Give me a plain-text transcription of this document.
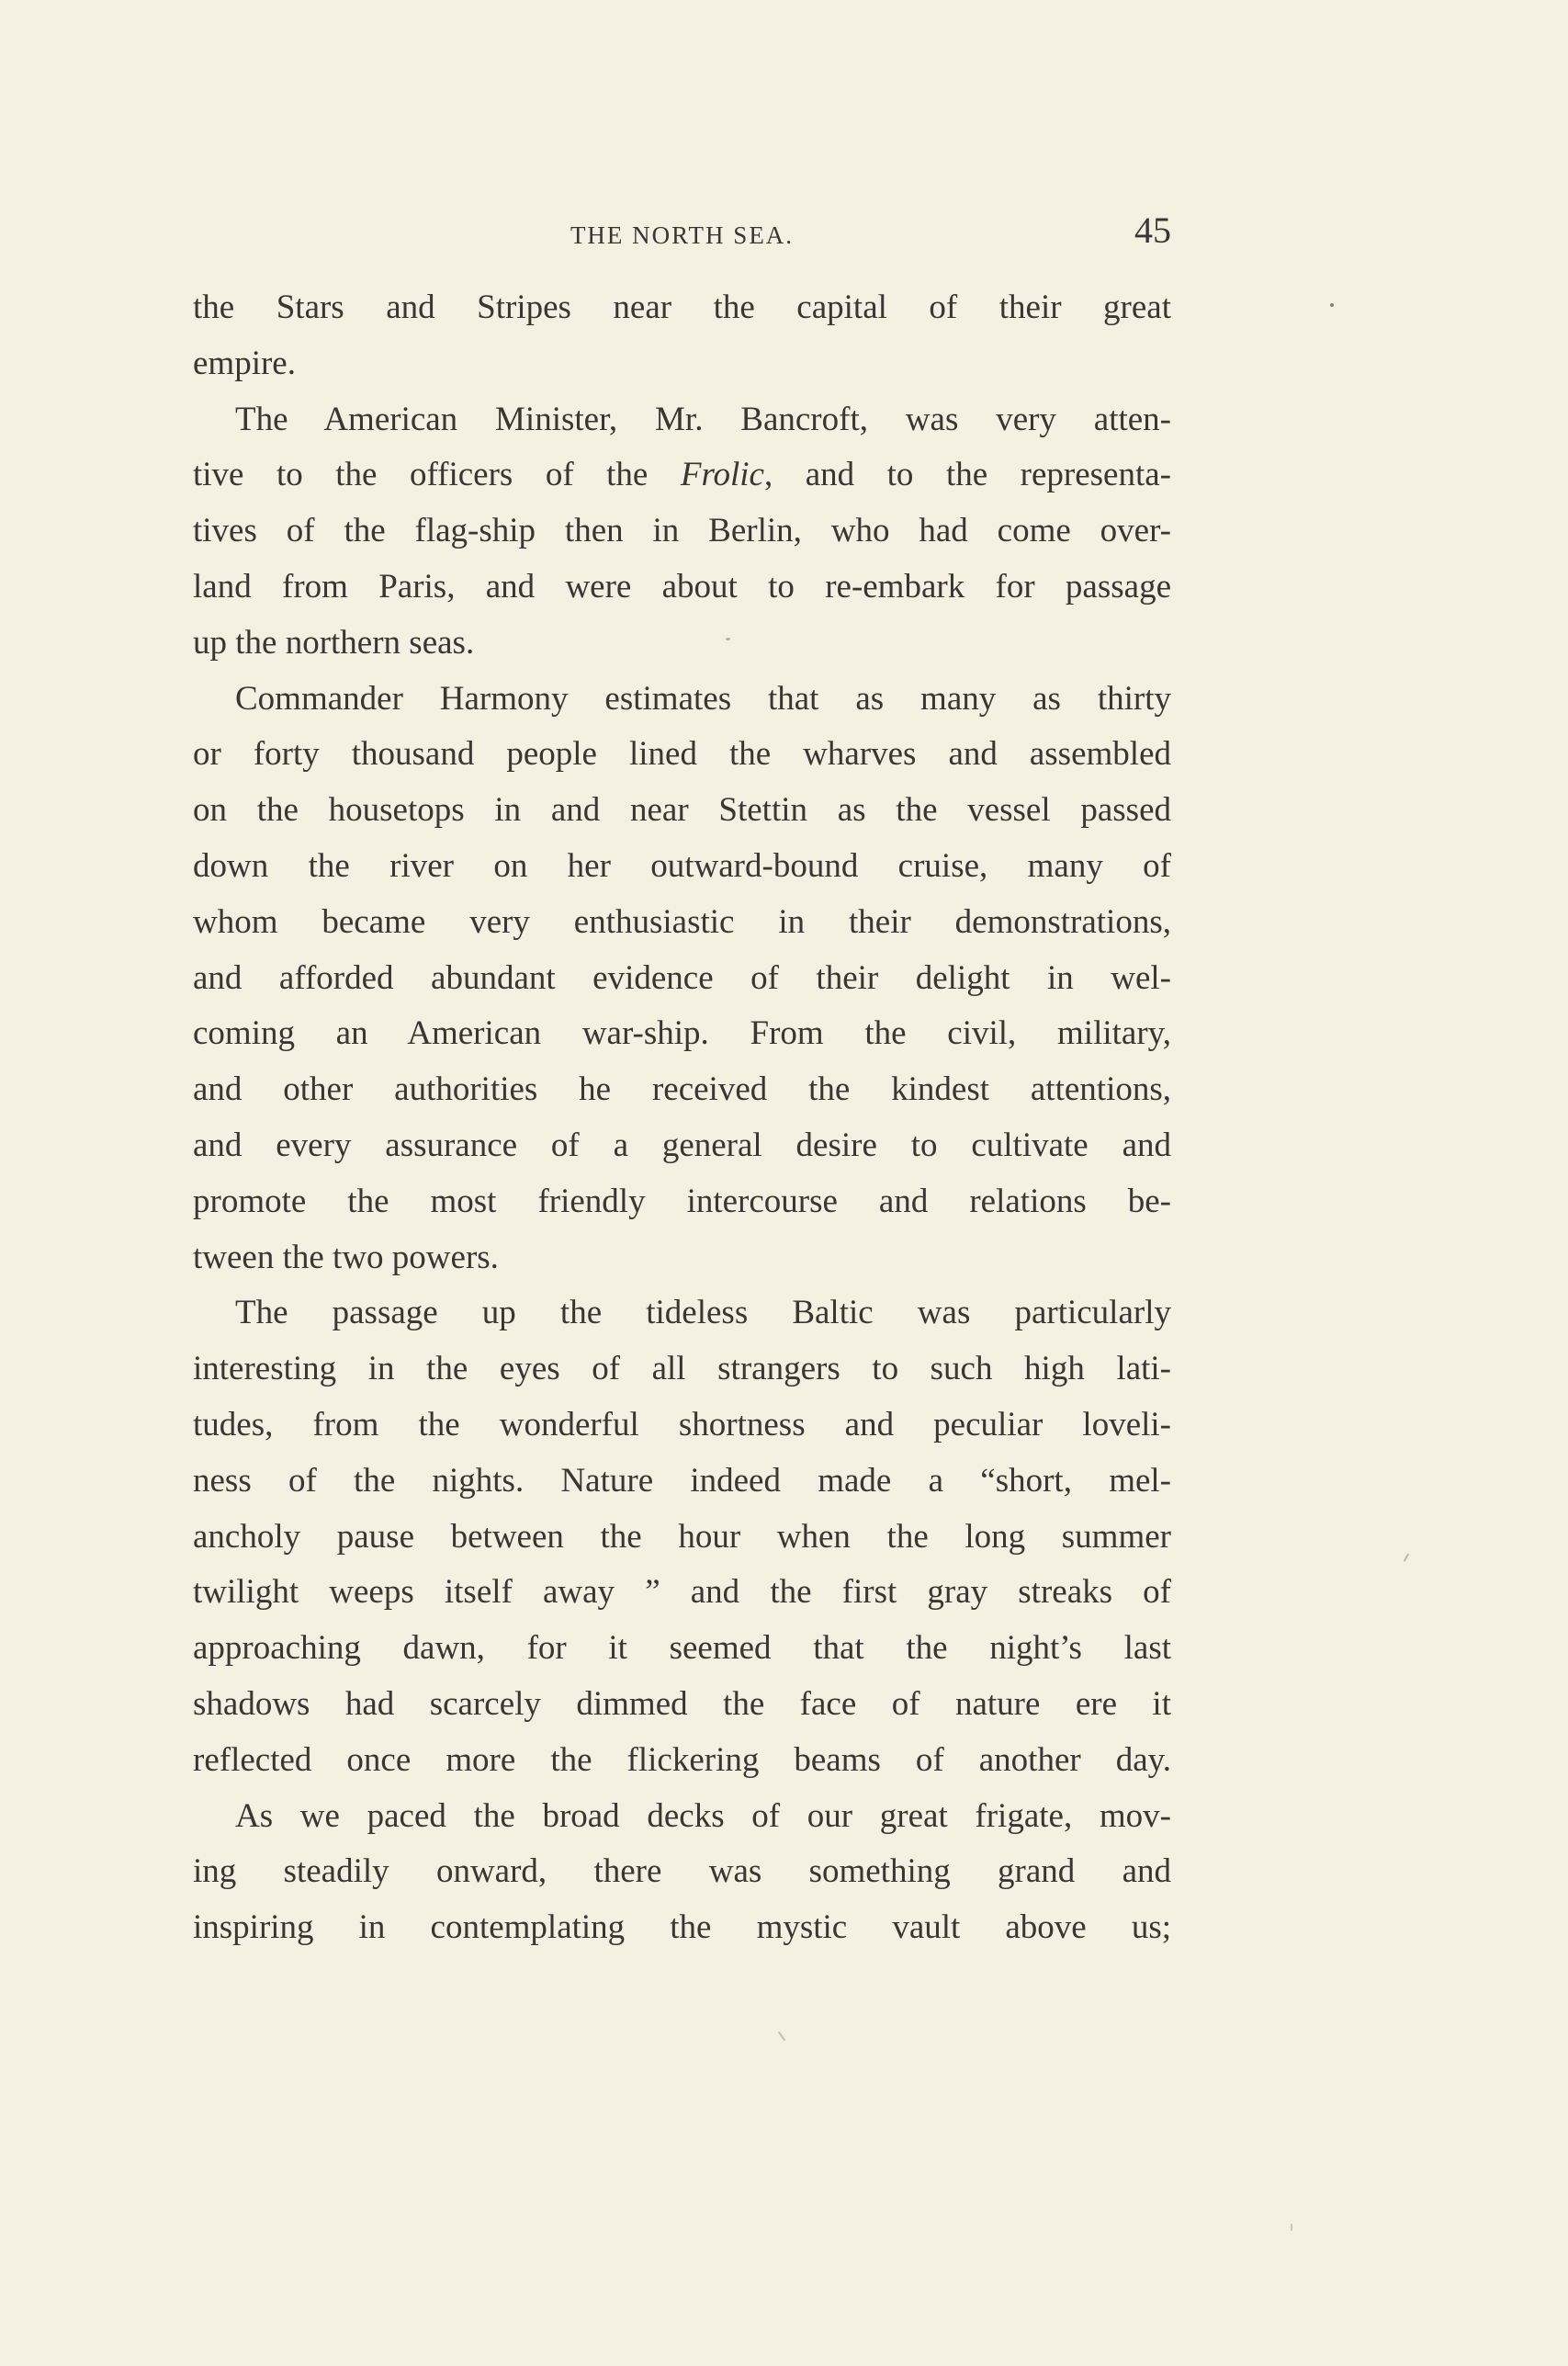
THE NORTH SEA.	45
the Stars and Stripes near the capital of their great
empire.
The American Minister, Mr. Bancroft, was very atten-
tive to the officers of the Frolic, and to the representa-
tives of the flag-ship then in Berlin, who had come over-
land from Paris, and were about to re-embark for passage
up the northern seas.
Commander Harmony estimates that as many as thirty
or forty thousand people lined the wharves and assembled
on the housetops in and near Stettin as the vessel passed
down the river on her outward-bound cruise, many of
whom became very enthusiastic in their demonstrations,
and afforded abundant evidence of their delight in wel-
coming an American war-ship. From the civil, military,
and other authorities he received the kindest attentions,
and every assurance of a general desire to cultivate and
promote the most friendly intercourse and relations be-
tween the two powers.
The passage up the tideless Baltic was particularly
interesting in the eyes of all strangers to such high lati-
tudes, from the wonderful shortness and peculiar loveli-
ness of the nights. Nature indeed made a “short, mel-
ancholy pause between the hour when the long summer
twilight weeps itself away ” and the first gray streaks of
approaching dawn, for it seemed that the night’s last
shadows had scarcely dimmed the face of nature ere it
reflected once more the flickering beams of another day.
As we paced the broad decks of our great frigate, mov-
ing steadily onward, there was something grand and
inspiring in contemplating the mystic vault above us;
